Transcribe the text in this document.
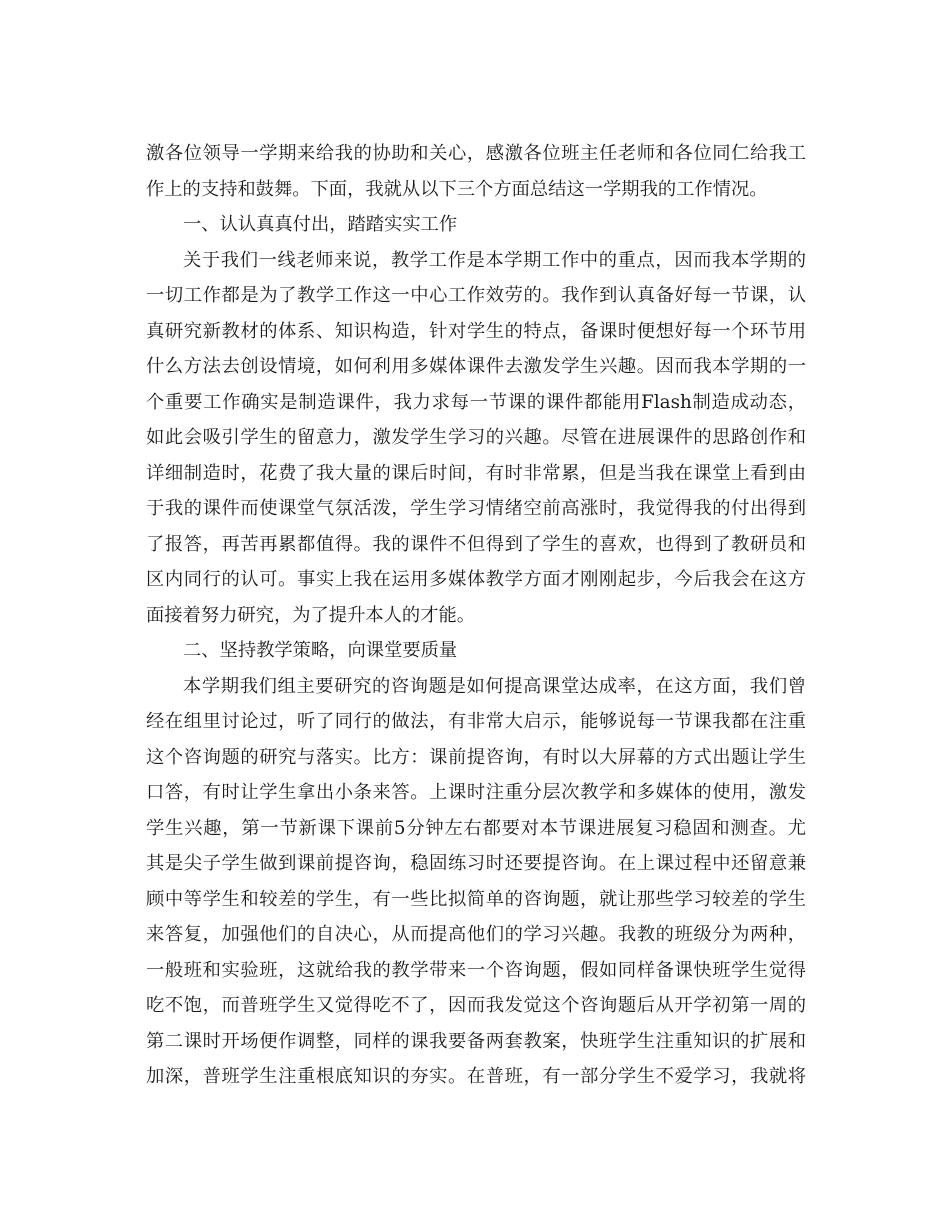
激各位领导一学期来给我的协助和关心，感激各位班主任老师和各位同仁给我工
作上的支持和鼓舞。下面，我就从以下三个方面总结这一学期我的工作情况。
一、认认真真付出，踏踏实实工作
关于我们一线老师来说，教学工作是本学期工作中的重点，因而我本学期的
一切工作都是为了教学工作这一中心工作效劳的。我作到认真备好每一节课，认
真研究新教材的体系、知识构造，针对学生的特点，备课时便想好每一个环节用
什么方法去创设情境，如何利用多媒体课件去激发学生兴趣。因而我本学期的一
个重要工作确实是制造课件，我力求每一节课的课件都能用Flash制造成动态，
如此会吸引学生的留意力，激发学生学习的兴趣。尽管在进展课件的思路创作和
详细制造时，花费了我大量的课后时间，有时非常累，但是当我在课堂上看到由
于我的课件而使课堂气氛活泼，学生学习情绪空前高涨时，我觉得我的付出得到
了报答，再苦再累都值得。我的课件不但得到了学生的喜欢，也得到了教研员和
区内同行的认可。事实上我在运用多媒体教学方面才刚刚起步，今后我会在这方
面接着努力研究，为了提升本人的才能。
二、坚持教学策略，向课堂要质量
本学期我们组主要研究的咨询题是如何提高课堂达成率，在这方面，我们曾
经在组里讨论过，听了同行的做法，有非常大启示，能够说每一节课我都在注重
这个咨询题的研究与落实。比方：课前提咨询，有时以大屏幕的方式出题让学生
口答，有时让学生拿出小条来答。上课时注重分层次教学和多媒体的使用，激发
学生兴趣，第一节新课下课前5分钟左右都要对本节课进展复习稳固和测查。尤
其是尖子学生做到课前提咨询，稳固练习时还要提咨询。在上课过程中还留意兼
顾中等学生和较差的学生，有一些比拟简单的咨询题，就让那些学习较差的学生
来答复，加强他们的自决心，从而提高他们的学习兴趣。我教的班级分为两种，
一般班和实验班，这就给我的教学带来一个咨询题，假如同样备课快班学生觉得
吃不饱，而普班学生又觉得吃不了，因而我发觉这个咨询题后从开学初第一周的
第二课时开场便作调整，同样的课我要备两套教案，快班学生注重知识的扩展和
加深，普班学生注重根底知识的夯实。在普班，有一部分学生不爱学习，我就将
